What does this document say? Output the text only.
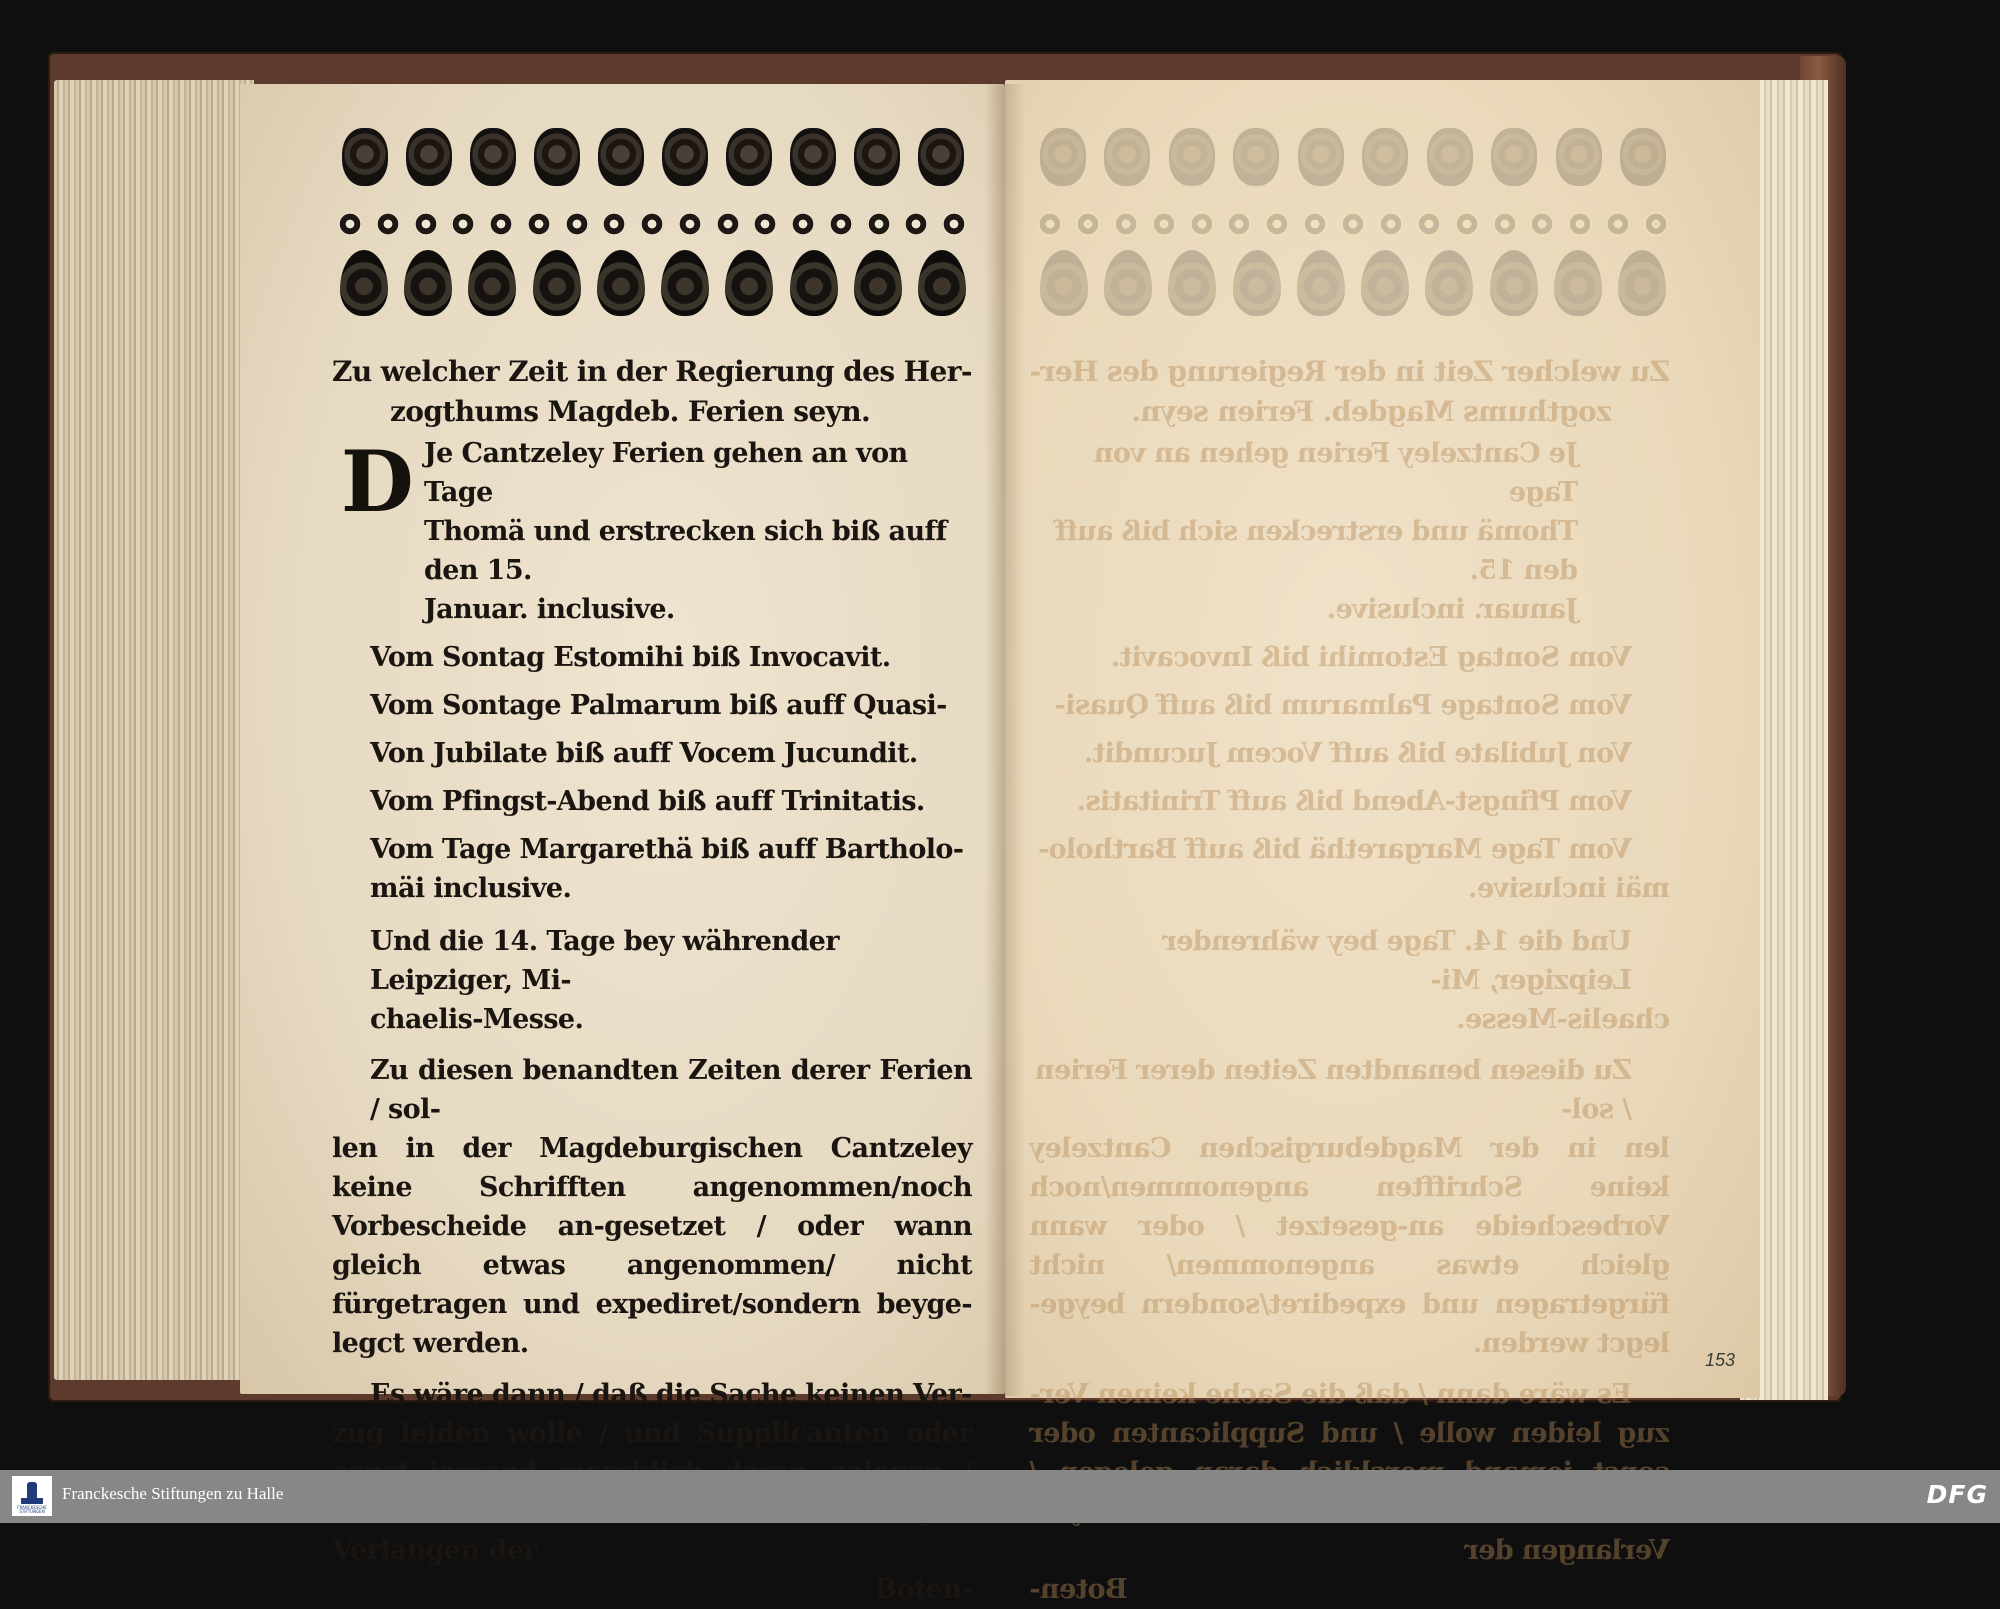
Zu welcher Zeit in der Regierung des Her-
zogthums Magdeb. Ferien seyn.

D Je Cantzeley Ferien gehen an von Tage
Thomä und erstrecken sich biß auff den 15.
Januar. inclusive.

Vom Sontag Estomihi biß Invocavit.

Vom Sontage Palmarum biß auff Quasi-

Von Jubilate biß auff Vocem Jucundit.

Vom Pfingst-Abend biß auff Trinitatis.

Vom Tage Margarethä biß auff Bartholo-
mäi inclusive.

Und die 14. Tage bey währender Leipziger, Mi-
chaelis-Messe.

Zu diesen benandten Zeiten derer Ferien / sol-
len in der Magdeburgischen Cantzeley keine Schrifften angenommen/noch Vorbescheide an-gesetzet / oder wann gleich etwas angenommen/ nicht fürgetragen und expediret/sondern beyge-legct werden.

Es wäre dann / daß die Sache keinen Ver-
zug leiden wolle / und Supplicanten oder Verlangen der

Boten-

Zu welcher Zeit in der Regierung des Her-
zogthums Magdeb. Ferien seyn.

Je Cantzeley Ferien gehen an von Tage
Thomä und erstrecken sich biß auff den 15.
Januar. inclusive.

Vom Sontag Estomihi biß Invocavit.

Vom Sontage Palmarum biß auff Quasi-

Von Jubilate biß auff Vocem Jucundit.

Vom Pfingst-Abend biß auff Trinitatis.

Vom Tage Margarethä biß auff Bartholo-

mäi inclusive.

Und die 14. Tage bey währender Leipziger, Mi-

chaelis-Messe.

Zu diesen benandten Zeiten derer Ferien / sol-

len in der Magdeburgischen Cantzeley keine Schrifften angenommen/noch Vorbescheide an-gesetzet / oder wann gleich etwas angenommen/ nicht fürgetragen und expediret/sondern beyge-legct werden.

Es wäre dann / daß die Sache keinen Ver-

zug leiden wolle / und Supplicanten oder Verlangen der

Boten-

153
FRANCKESCHE STIFTUNGEN
Franckesche Stiftungen zu Halle	DFG
